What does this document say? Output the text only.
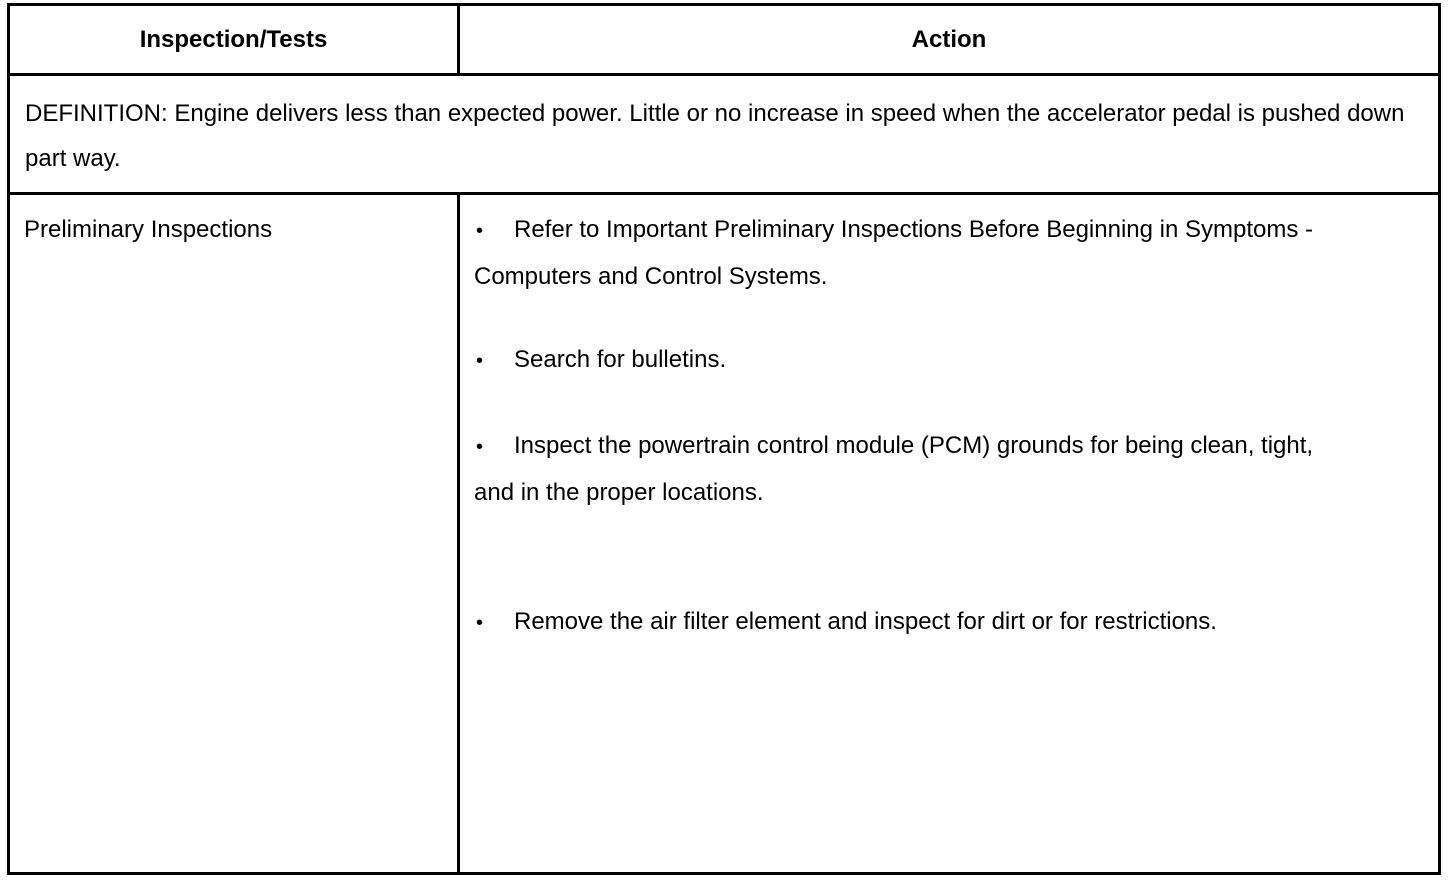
Inspection/Tests	Action
DEFINITION: Engine delivers less than expected power. Little or no increase in speed when the accelerator pedal is pushed down part way.
Preliminary Inspections	• Refer to Important Preliminary Inspections Before Beginning in Symptoms -Computers and Control Systems.
• Search for bulletins.
• Inspect the powertrain control module (PCM) grounds for being clean, tight, and in the proper locations.
• Remove the air filter element and inspect for dirt or for restrictions.
